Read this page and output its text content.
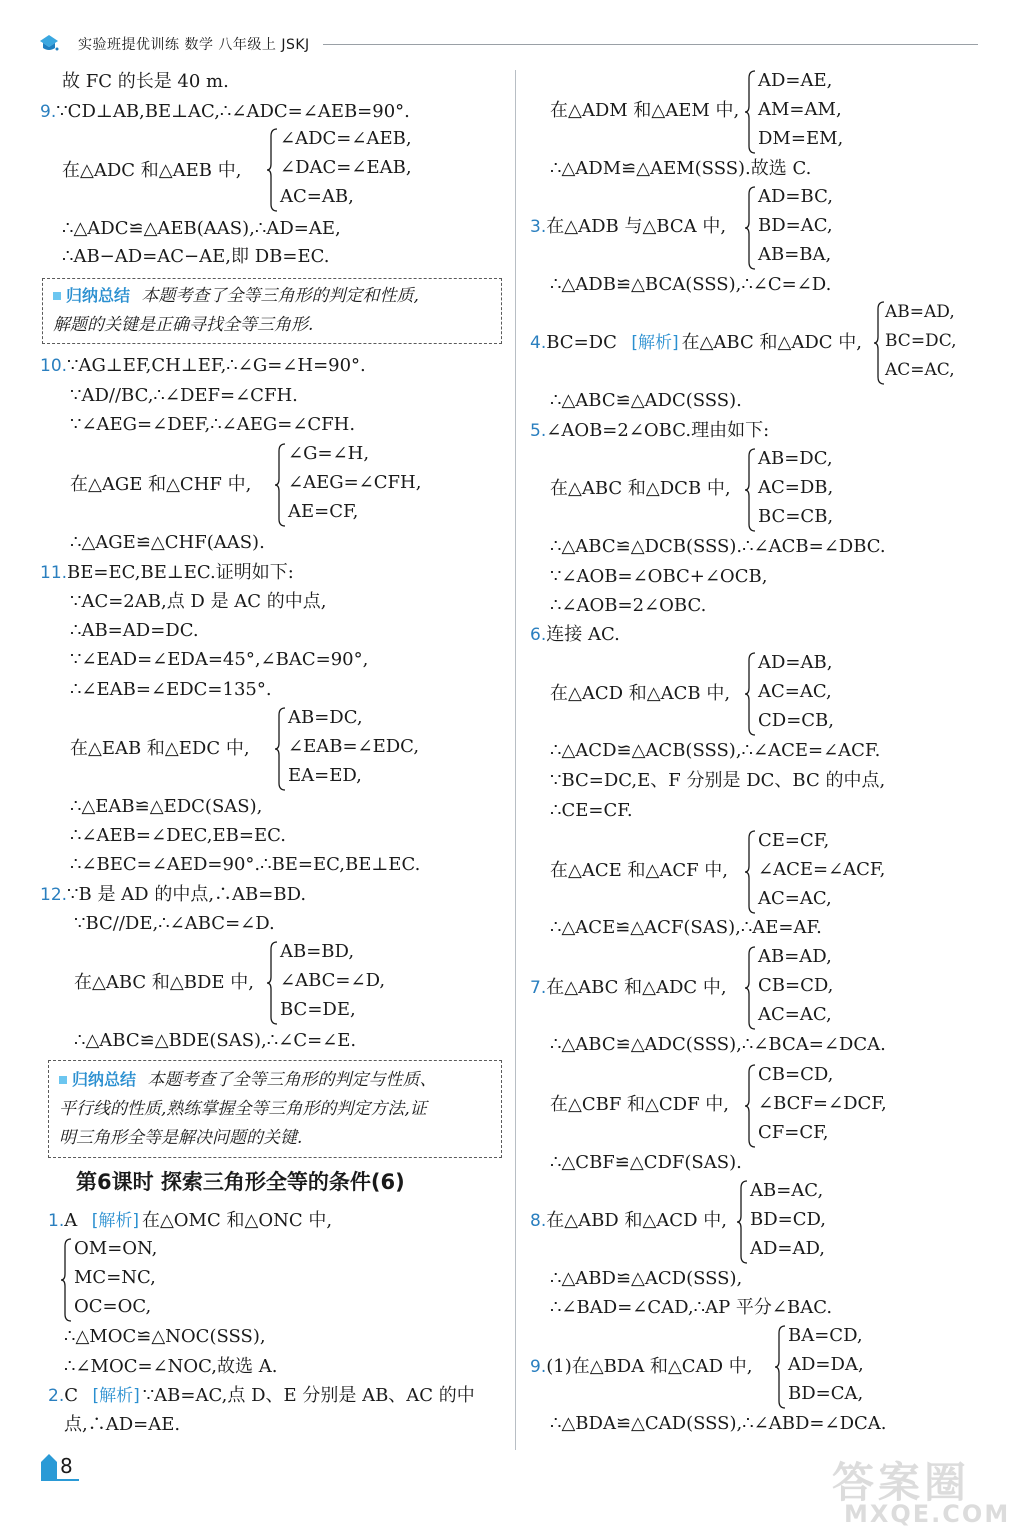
实验班提优训练 数学 八年级上 JSKJ
故 FC 的长是 40 m.
9.∵CD⊥AB,BE⊥AC,∴∠ADC=∠AEB=90°.
在△ADC 和△AEB 中,
∠ADC=∠AEB,
∠DAC=∠EAB,
AC=AB,
∴△ADC≌△AEB(AAS),∴AD=AE,
∴AB−AD=AC−AE,即 DB=EC.
归纳总结 本题考查了全等三角形的判定和性质,
解题的关键是正确寻找全等三角形.
10.∵AG⊥EF,CH⊥EF,∴∠G=∠H=90°.
∵AD//BC,∴∠DEF=∠CFH.
∵∠AEG=∠DEF,∴∠AEG=∠CFH.
在△AGE 和△CHF 中,
∠G=∠H,
∠AEG=∠CFH,
AE=CF,
∴△AGE≌△CHF(AAS).
11.BE=EC,BE⊥EC.证明如下:
∵AC=2AB,点 D 是 AC 的中点,
∴AB=AD=DC.
∵∠EAD=∠EDA=45°,∠BAC=90°,
∴∠EAB=∠EDC=135°.
在△EAB 和△EDC 中,
AB=DC,
∠EAB=∠EDC,
EA=ED,
∴△EAB≌△EDC(SAS),
∴∠AEB=∠DEC,EB=EC.
∴∠BEC=∠AED=90°.∴BE=EC,BE⊥EC.
12.∵B 是 AD 的中点,∴AB=BD.
∵BC//DE,∴∠ABC=∠D.
在△ABC 和△BDE 中,
AB=BD,
∠ABC=∠D,
BC=DE,
∴△ABC≌△BDE(SAS),∴∠C=∠E.
归纳总结 本题考查了全等三角形的判定与性质、
平行线的性质,熟练掌握全等三角形的判定方法,证
明三角形全等是解决问题的关键.
第6课时 探索三角形全等的条件(6)
1.A [解析] 在△OMC 和△ONC 中,
OM=ON,
MC=NC,
OC=OC,
∴△MOC≌△NOC(SSS),
∴∠MOC=∠NOC,故选 A.
2.C [解析] ∵AB=AC,点 D、E 分别是 AB、AC 的中
点,∴AD=AE.
在△ADM 和△AEM 中,
AD=AE,
AM=AM,
DM=EM,
∴△ADM≌△AEM(SSS).故选 C.
3.在△ADB 与△BCA 中,
AD=BC,
BD=AC,
AB=BA,
∴△ADB≌△BCA(SSS),∴∠C=∠D.
4.BC=DC [解析] 在△ABC 和△ADC 中,
AB=AD,
BC=DC,
AC=AC,
∴△ABC≌△ADC(SSS).
5.∠AOB=2∠OBC.理由如下:
在△ABC 和△DCB 中,
AB=DC,
AC=DB,
BC=CB,
∴△ABC≌△DCB(SSS).∴∠ACB=∠DBC.
∵∠AOB=∠OBC+∠OCB,
∴∠AOB=2∠OBC.
6.连接 AC.
在△ACD 和△ACB 中,
AD=AB,
AC=AC,
CD=CB,
∴△ACD≌△ACB(SSS),∴∠ACE=∠ACF.
∵BC=DC,E、F 分别是 DC、BC 的中点,
∴CE=CF.
在△ACE 和△ACF 中,
CE=CF,
∠ACE=∠ACF,
AC=AC,
∴△ACE≌△ACF(SAS),∴AE=AF.
7.在△ABC 和△ADC 中,
AB=AD,
CB=CD,
AC=AC,
∴△ABC≌△ADC(SSS),∴∠BCA=∠DCA.
在△CBF 和△CDF 中,
CB=CD,
∠BCF=∠DCF,
CF=CF,
∴△CBF≌△CDF(SAS).
8.在△ABD 和△ACD 中,
AB=AC,
BD=CD,
AD=AD,
∴△ABD≌△ACD(SSS),
∴∠BAD=∠CAD,∴AP 平分∠BAC.
9.(1)在△BDA 和△CAD 中,
BA=CD,
AD=DA,
BD=CA,
∴△BDA≌△CAD(SSS),∴∠ABD=∠DCA.
8	答案圈
MXQE.COM
